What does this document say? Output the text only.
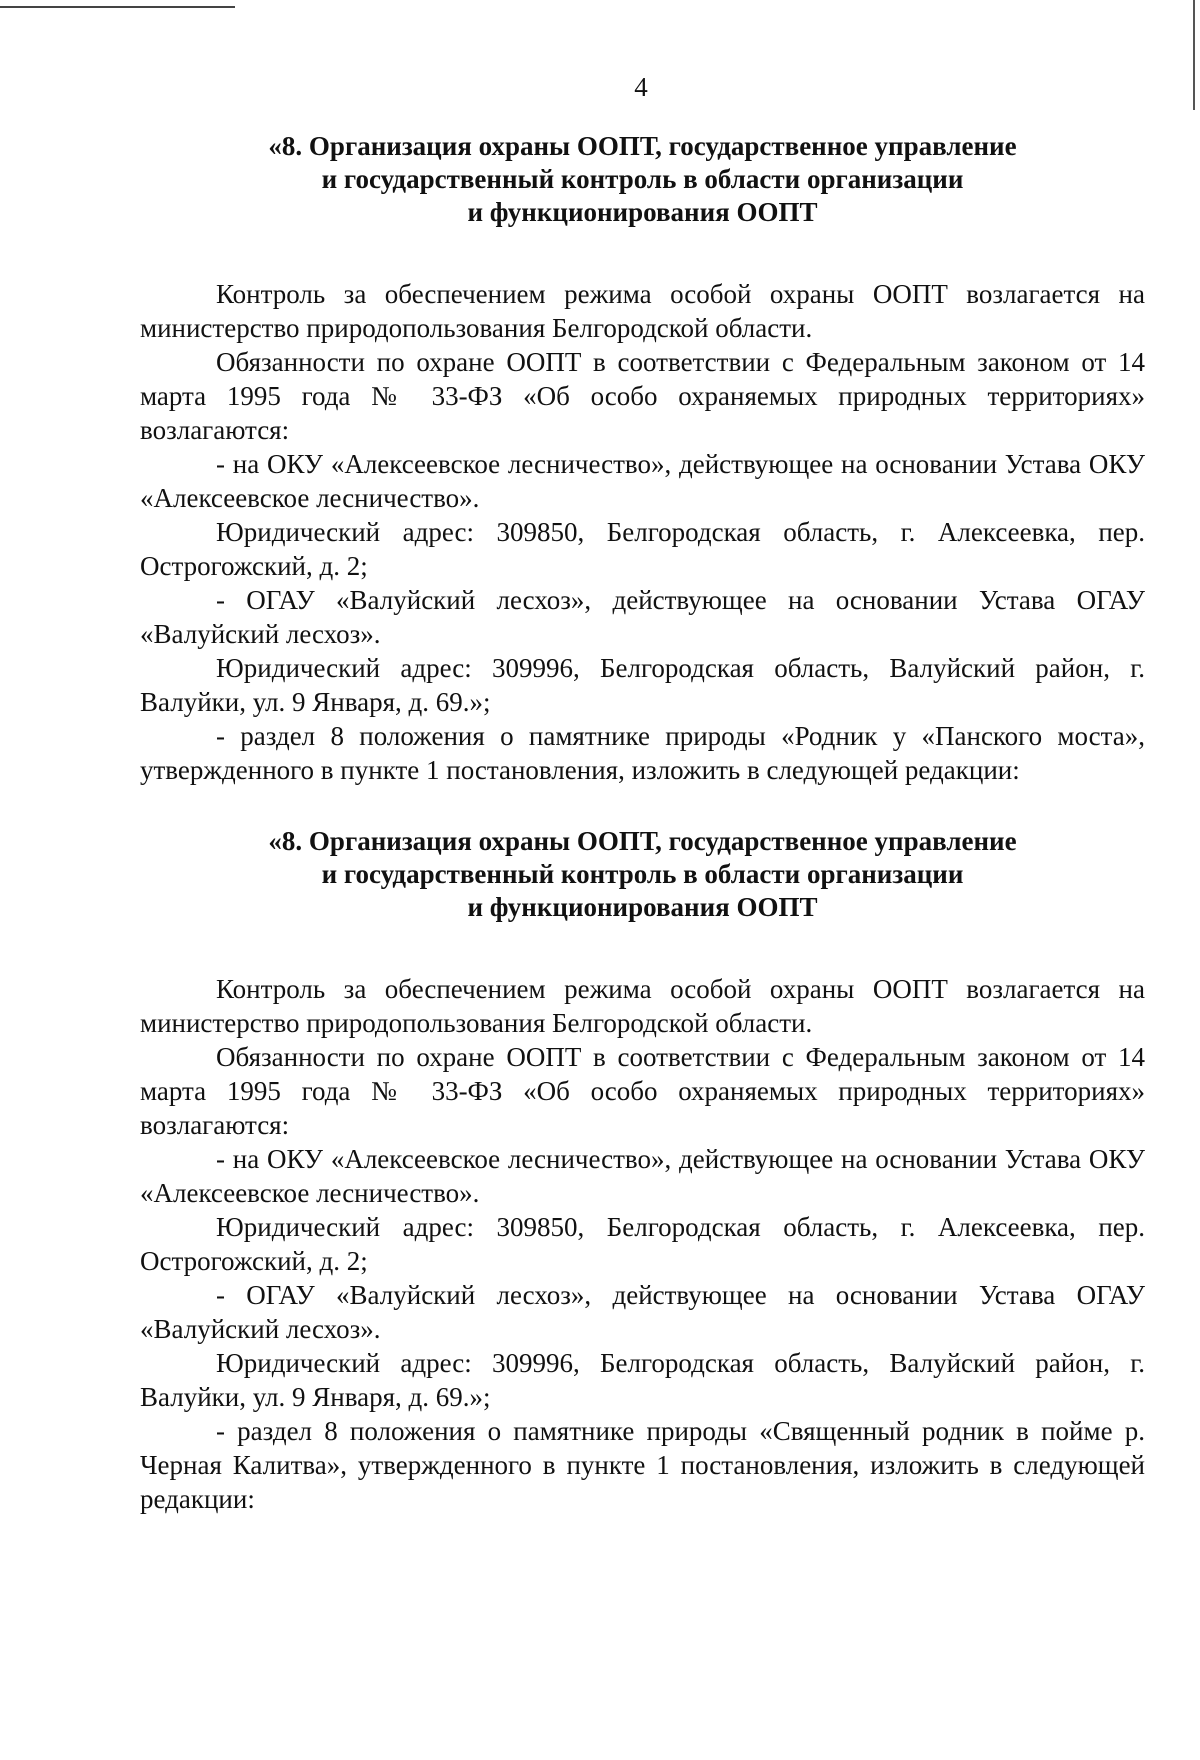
4
«8. Организация охраны ООПТ, государственное управление
и государственный контроль в области организации
и функционирования ООПТ

Контроль за обеспечением режима особой охраны ООПТ возлагается на министерство природопользования Белгородской области.

Обязанности по охране ООПТ в соответствии с Федеральным законом от 14 марта 1995 года № 33-ФЗ «Об особо охраняемых природных территориях» возлагаются:

- на ОКУ «Алексеевское лесничество», действующее на основании Устава ОКУ «Алексеевское лесничество».

Юридический адрес: 309850, Белгородская область, г. Алексеевка, пер. Острогожский, д. 2;

- ОГАУ «Валуйский лесхоз», действующее на основании Устава ОГАУ «Валуйский лесхоз».

Юридический адрес: 309996, Белгородская область, Валуйский район, г. Валуйки, ул. 9 Января, д. 69.»;

- раздел 8 положения о памятнике природы «Родник у «Панского моста», утвержденного в пункте 1 постановления, изложить в следующей редакции:

«8. Организация охраны ООПТ, государственное управление
и государственный контроль в области организации
и функционирования ООПТ

Контроль за обеспечением режима особой охраны ООПТ возлагается на министерство природопользования Белгородской области.

Обязанности по охране ООПТ в соответствии с Федеральным законом от 14 марта 1995 года № 33-ФЗ «Об особо охраняемых природных территориях» возлагаются:

- на ОКУ «Алексеевское лесничество», действующее на основании Устава ОКУ «Алексеевское лесничество».

Юридический адрес: 309850, Белгородская область, г. Алексеевка, пер. Острогожский, д. 2;

- ОГАУ «Валуйский лесхоз», действующее на основании Устава ОГАУ «Валуйский лесхоз».

Юридический адрес: 309996, Белгородская область, Валуйский район, г. Валуйки, ул. 9 Января, д. 69.»;

- раздел 8 положения о памятнике природы «Священный родник в пойме р. Черная Калитва», утвержденного в пункте 1 постановления, изложить в следующей редакции:
